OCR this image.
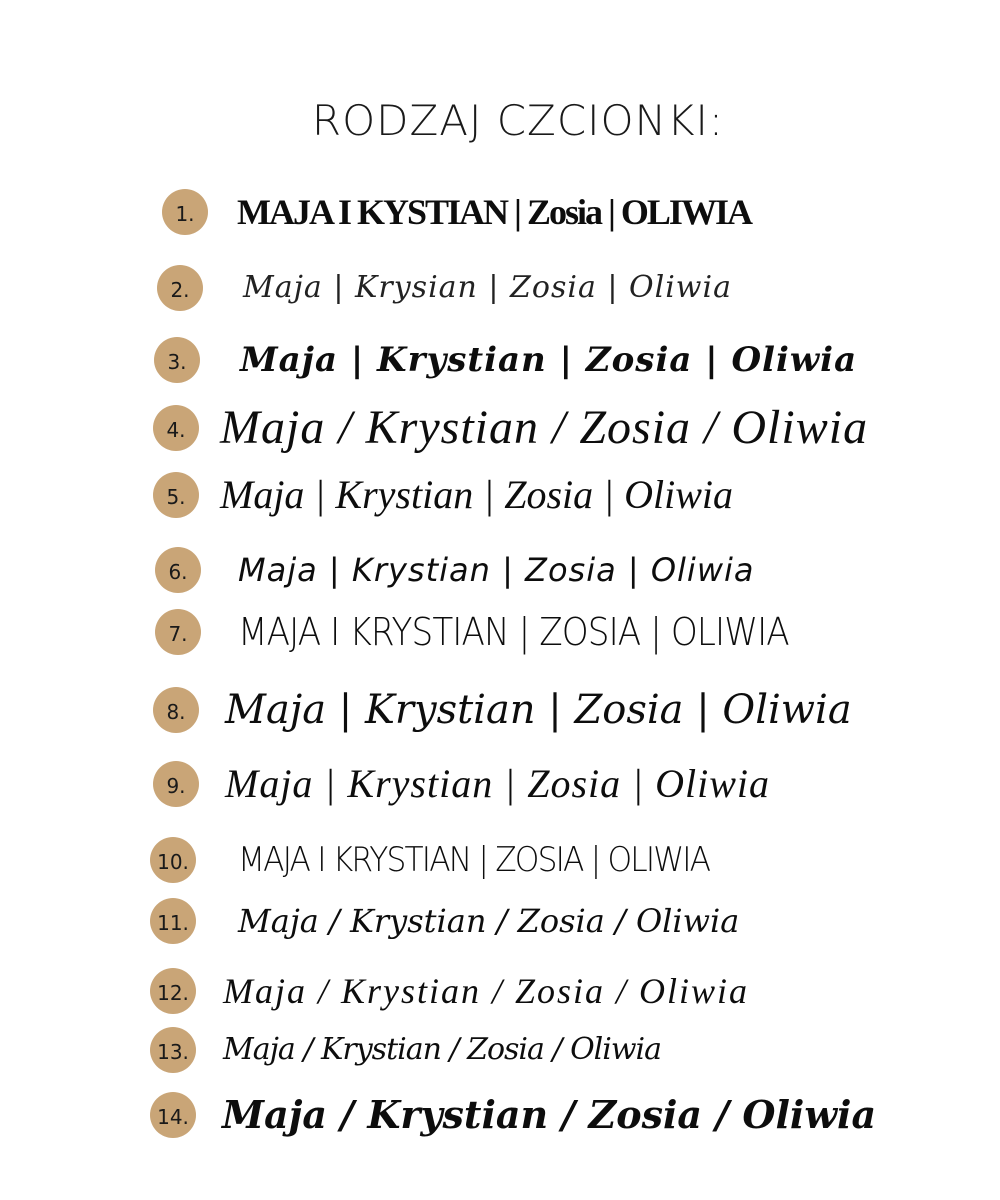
RODZAJ CZCIONKI:
1.	MAJA I KYSTIAN | Zosia | OLIWIA
2.	Maja | Krysian | Zosia | Oliwia
3.	Maja | Krystian | Zosia | Oliwia
4. Maja / Krystian / Zosia / Oliwia
5. Maja | Krystian | Zosia | Oliwia
6.	Maja | Krystian | Zosia | Oliwia
7.	MAJA I KRYSTIAN | ZOSIA | OLIWIA
8. Maja | Krystian | Zosia | Oliwia
9. Maja | Krystian | Zosia | Oliwia
10. MAJA I KRYSTIAN | ZOSIA | OLIWIA
11. Maja / Krystian / Zosia / Oliwia
12. Maja / Krystian / Zosia / Oliwia
13. Maja / Krystian / Zosia / Oliwia
14. Maja / Krystian / Zosia / Oliwia
